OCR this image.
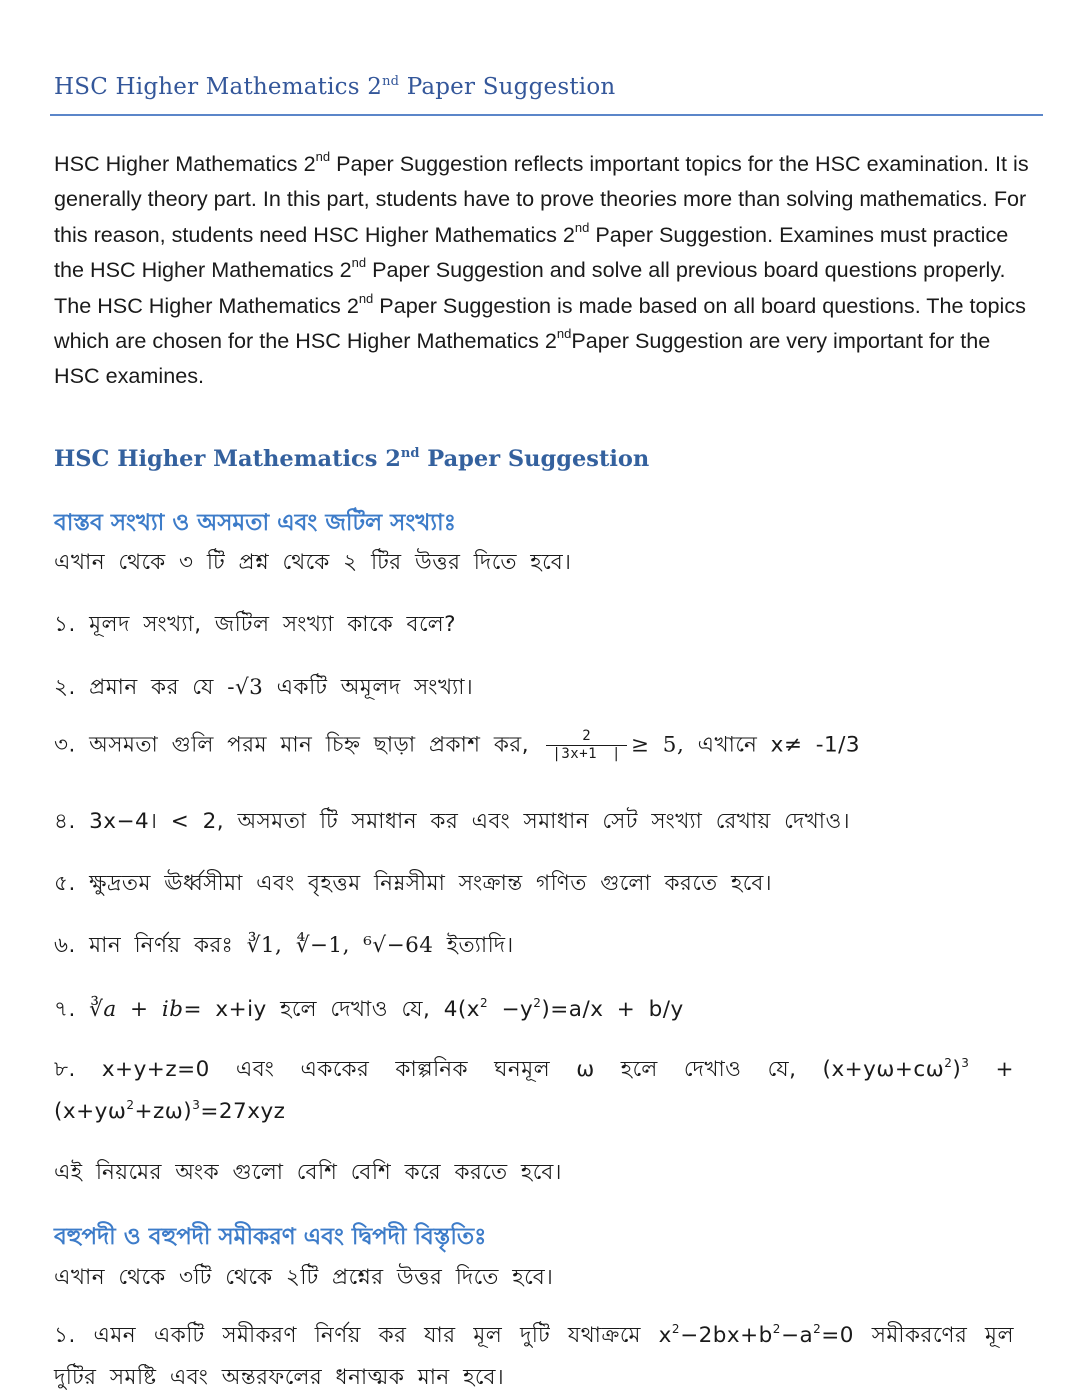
HSC Higher Mathematics 2nd Paper Suggestion
HSC Higher Mathematics 2nd Paper Suggestion reflects important topics for the HSC examination. It is generally theory part. In this part, students have to prove theories more than solving mathematics. For this reason, students need HSC Higher Mathematics 2nd Paper Suggestion. Examines must practice the HSC Higher Mathematics 2nd Paper Suggestion and solve all previous board questions properly. The HSC Higher Mathematics 2nd Paper Suggestion is made based on all board questions. The topics which are chosen for the HSC Higher Mathematics 2ndPaper Suggestion are very important for the HSC examines.
HSC Higher Mathematics 2nd Paper Suggestion
বাস্তব সংখ্যা ও অসমতা এবং জটিল সংখ্যাঃ
এখান থেকে ৩ টি প্রশ্ন থেকে ২ টির উত্তর দিতে হবে।
১. মূলদ সংখ্যা, জটিল সংখ্যা কাকে বলে?
২. প্রমান কর যে -√3 একটি অমূলদ সংখ্যা।
৩. অসমতা গুলি পরম মান চিহ্ন ছাড়া প্রকাশ কর, $\frac{2}{|3x+1 |} \ge 5$, এখানে x≠ -1/3
৪. 3x−4। < 2, অসমতা টি সমাধান কর এবং সমাধান সেট সংখ্যা রেখায় দেখাও।
৫. ক্ষুদ্রতম ঊর্ধ্বসীমা এবং বৃহত্তম নিম্নসীমা সংক্রান্ত গণিত গুলো করতে হবে।
৬. মান নির্ণয় করঃ ∛1, ∜−1, ⁶√−64 ইত্যাদি।
৭. ∛a + ib= x+iy হলে দেখাও যে, $4(x^2 -y^2)=a/x + b/y$
৮. x+y+z=0 এবং এককের কাল্পনিক ঘনমূল ω হলে দেখাও যে, $(x+y\omega+c\omega^2)^3 +(x+y\omega^2+z\omega)^3=27xyz$
এই নিয়মের অংক গুলো বেশি বেশি করে করতে হবে।
বহুপদী ও বহুপদী সমীকরণ এবং দ্বিপদী বিস্তৃতিঃ
এখান থেকে ৩টি থেকে ২টি প্রশ্নের উত্তর দিতে হবে।
১. এমন একটি সমীকরণ নির্ণয় কর যার মূল দুটি যথাক্রমে $x^2-2bx+b^2-a^2=0$ সমীকরণের মূল দুটির সমষ্টি এবং অন্তরফলের ধনাত্মক মান হবে।
